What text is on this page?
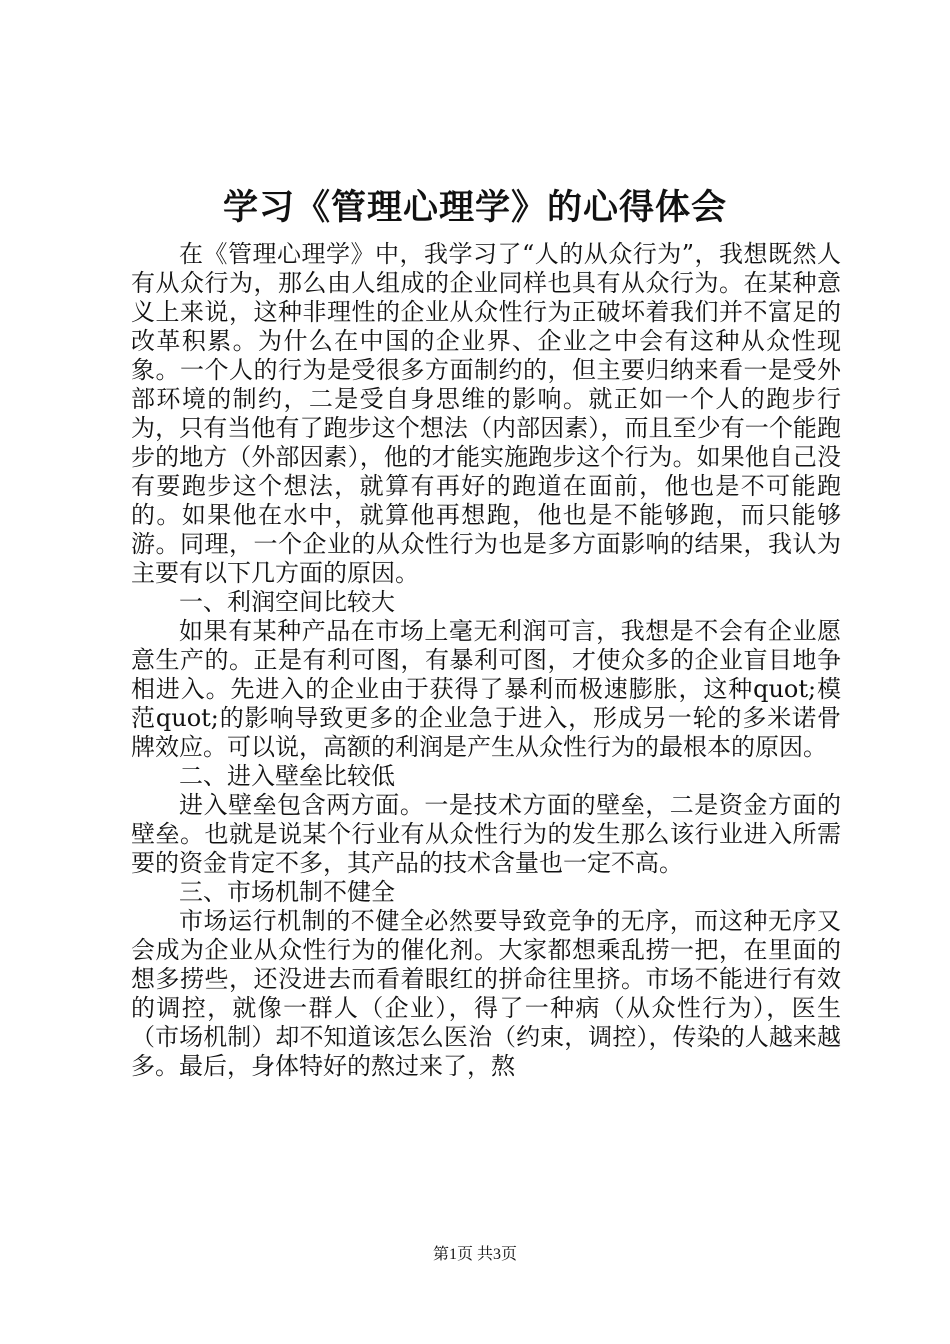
学习《管理心理学》的心得体会

在《管理心理学》中，我学习了“人的从众行为”，我想既然人有从众行为，那么由人组成的企业同样也具有从众行为。在某种意义上来说，这种非理性的企业从众性行为正破坏着我们并不富足的改革积累。为什么在中国的企业界、企业之中会有这种从众性现象。一个人的行为是受很多方面制约的，但主要归纳来看一是受外部环境的制约，二是受自身思维的影响。就正如一个人的跑步行为，只有当他有了跑步这个想法（内部因素），而且至少有一个能跑步的地方（外部因素），他的才能实施跑步这个行为。如果他自己没有要跑步这个想法，就算有再好的跑道在面前，他也是不可能跑的。如果他在水中，就算他再想跑，他也是不能够跑，而只能够游。同理，一个企业的从众性行为也是多方面影响的结果，我认为主要有以下几方面的原因。

一、利润空间比较大

如果有某种产品在市场上毫无利润可言，我想是不会有企业愿意生产的。正是有利可图，有暴利可图，才使众多的企业盲目地争相进入。先进入的企业由于获得了暴利而极速膨胀，这种quot;模范quot;的影响导致更多的企业急于进入，形成另一轮的多米诺骨牌效应。可以说，高额的利润是产生从众性行为的最根本的原因。

二、进入壁垒比较低

进入壁垒包含两方面。一是技术方面的壁垒，二是资金方面的壁垒。也就是说某个行业有从众性行为的发生那么该行业进入所需要的资金肯定不多，其产品的技术含量也一定不高。

三、市场机制不健全

市场运行机制的不健全必然要导致竞争的无序，而这种无序又会成为企业从众性行为的催化剂。大家都想乘乱捞一把，在里面的想多捞些，还没进去而看着眼红的拼命往里挤。市场不能进行有效的调控，就像一群人（企业），得了一种病（从众性行为），医生（市场机制）却不知道该怎么医治（约束，调控），传染的人越来越多。最后，身体特好的熬过来了，熬

第1页 共3页
